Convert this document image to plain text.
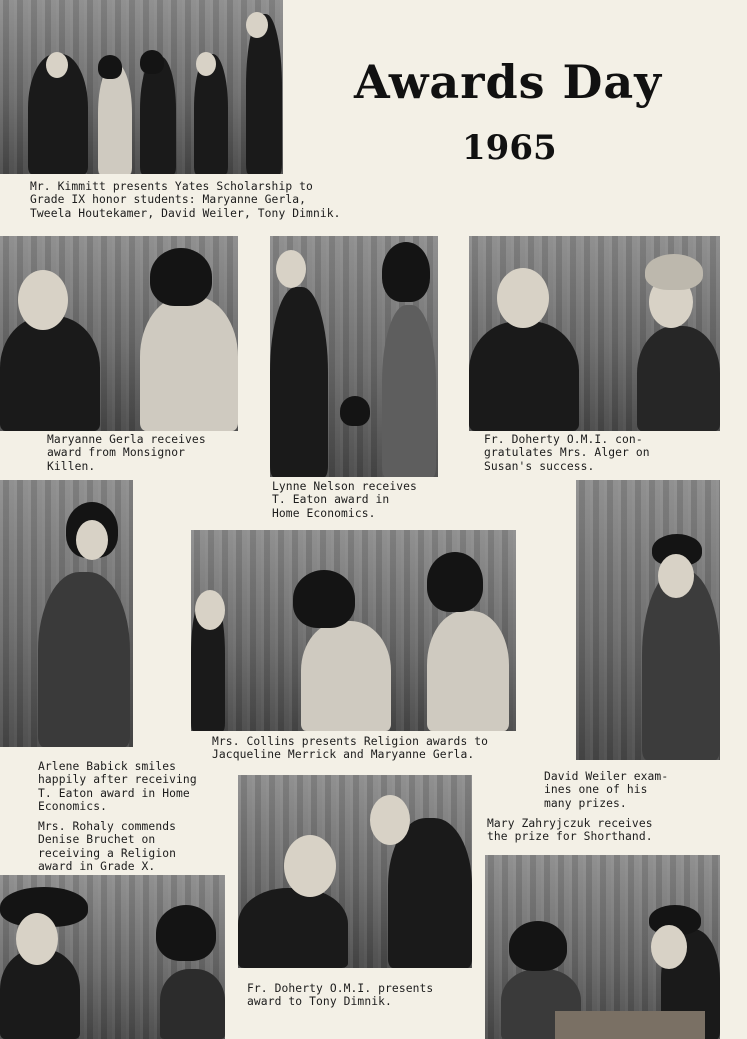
Awards Day
1965
Mr. Kimmitt presents Yates Scholarship to
Grade IX honor students: Maryanne Gerla,
Tweela Houtekamer, David Weiler, Tony Dimnik.
Maryanne Gerla receives
award from Monsignor
Killen.
Lynne Nelson receives
T. Eaton award in
Home Economics.
Fr. Doherty O.M.I. con-
gratulates Mrs. Alger on
Susan's success.
Arlene Babick smiles
happily after receiving
T. Eaton award in Home
Economics.
Mrs. Collins presents Religion awards to
Jacqueline Merrick and Maryanne Gerla.
David Weiler exam-
ines one of his
many prizes.
Mrs. Rohaly commends
Denise Bruchet on
receiving a Religion
award in Grade X.
Fr. Doherty O.M.I. presents
award to Tony Dimnik.
Mary Zahryjczuk receives
the prize for Shorthand.
